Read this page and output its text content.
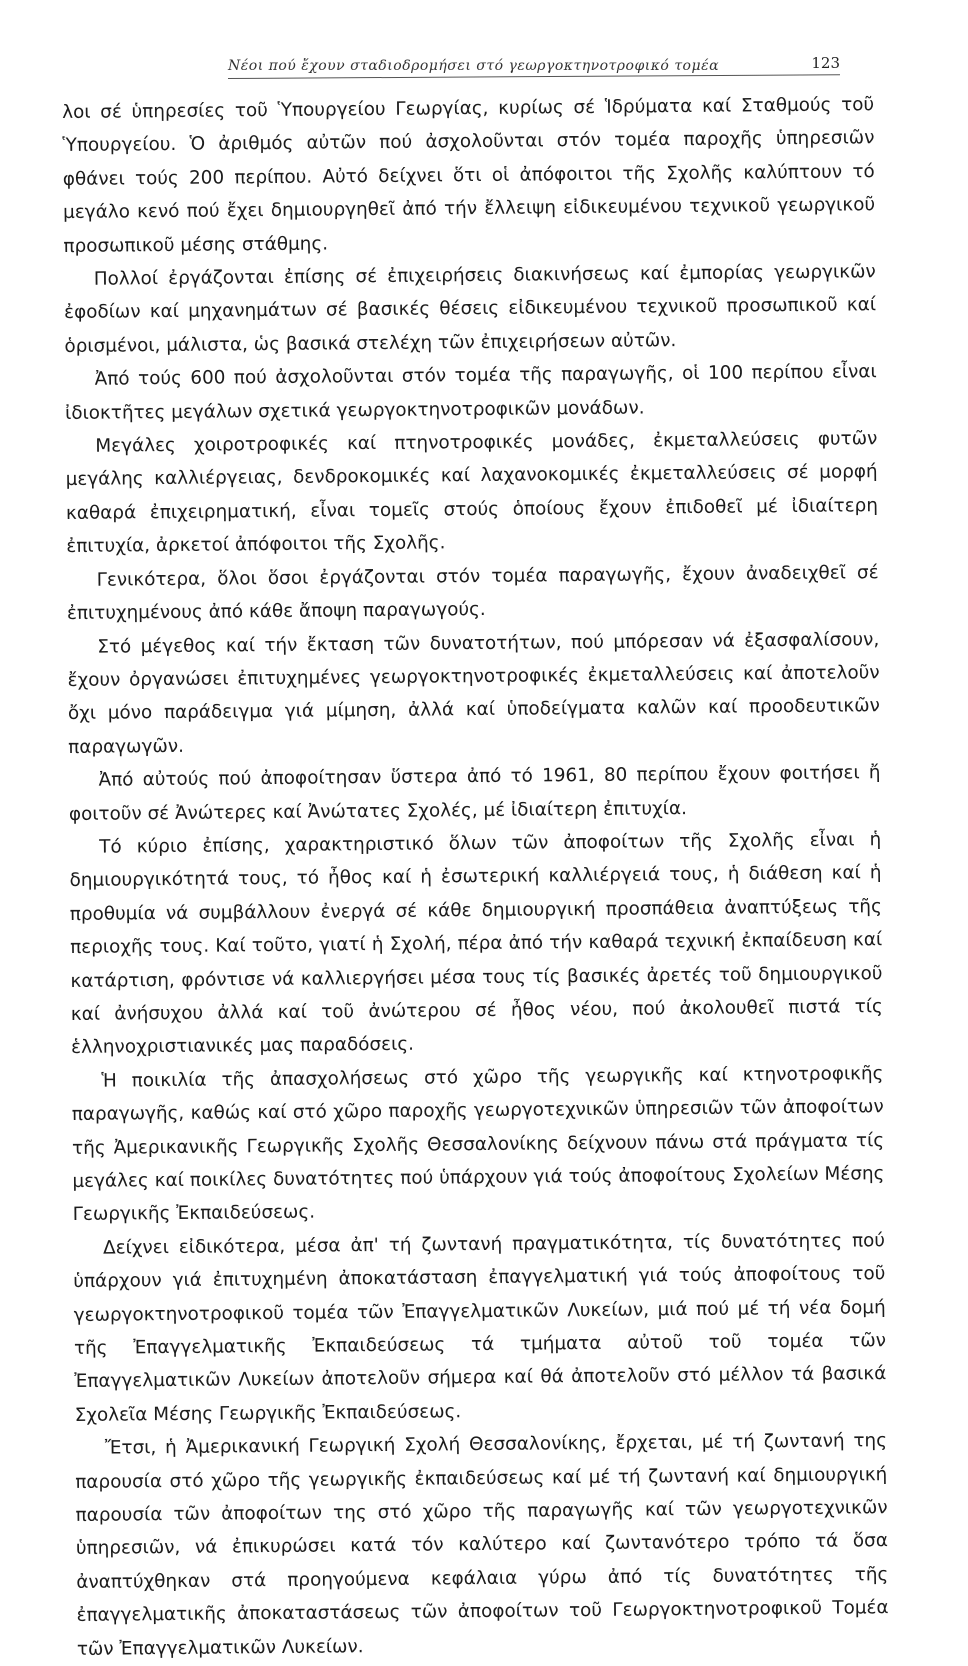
Νέοι πού ἔχουν σταδιοδρομήσει στό γεωργοκτηνοτροφικό τομέα	123

λοι σέ ὑπηρεσίες τοῦ Ὑπουργείου Γεωργίας, κυρίως σέ Ἱδρύματα καί Σταθμούς τοῦ Ὑπουργείου. Ὁ ἀριθμός αὐτῶν πού ἀσχολοῦνται στόν τομέα παροχῆς ὑπηρεσιῶν φθάνει τούς 200 περίπου. Αὐτό δείχνει ὅτι οἱ ἀπόφοιτοι τῆς Σχολῆς καλύπτουν τό μεγάλο κενό πού ἔχει δημιουργηθεῖ ἀπό τήν ἔλλειψη εἰδικευμένου τεχνικοῦ γεωργικοῦ προσωπικοῦ μέσης στάθμης.

Πολλοί ἐργάζονται ἐπίσης σέ ἐπιχειρήσεις διακινήσεως καί ἐμπορίας γεωργικῶν ἐφοδίων καί μηχανημάτων σέ βασικές θέσεις εἰδικευμένου τεχνικοῦ προσωπικοῦ καί ὁρισμένοι, μάλιστα, ὡς βασικά στελέχη τῶν ἐπιχειρήσεων αὐτῶν.

Ἀπό τούς 600 πού ἀσχολοῦνται στόν τομέα τῆς παραγωγῆς, οἱ 100 περίπου εἶναι ἰδιοκτῆτες μεγάλων σχετικά γεωργοκτηνοτροφικῶν μονάδων.

Μεγάλες χοιροτροφικές καί πτηνοτροφικές μονάδες, ἐκμεταλλεύσεις φυτῶν μεγάλης καλλιέργειας, δενδροκομικές καί λαχανοκομικές ἐκμεταλλεύσεις σέ μορφή καθαρά ἐπιχειρηματική, εἶναι τομεῖς στούς ὁποίους ἔχουν ἐπιδοθεῖ μέ ἰδιαίτερη ἐπιτυχία, ἀρκετοί ἀπόφοιτοι τῆς Σχολῆς.

Γενικότερα, ὅλοι ὅσοι ἐργάζονται στόν τομέα παραγωγῆς, ἔχουν ἀναδειχθεῖ σέ ἐπιτυχημένους ἀπό κάθε ἄποψη παραγωγούς.

Στό μέγεθος καί τήν ἔκταση τῶν δυνατοτήτων, πού μπόρεσαν νά ἐξασφαλίσουν, ἔχουν ὀργανώσει ἐπιτυχημένες γεωργοκτηνοτροφικές ἐκμεταλλεύσεις καί ἀποτελοῦν ὄχι μόνο παράδειγμα γιά μίμηση, ἀλλά καί ὑποδείγματα καλῶν καί προοδευτικῶν παραγωγῶν.

Ἀπό αὐτούς πού ἀποφοίτησαν ὕστερα ἀπό τό 1961, 80 περίπου ἔχουν φοιτήσει ἤ φοιτοῦν σέ Ἀνώτερες καί Ἀνώτατες Σχολές, μέ ἰδιαίτερη ἐπιτυχία.

Τό κύριο ἐπίσης, χαρακτηριστικό ὅλων τῶν ἀποφοίτων τῆς Σχολῆς εἶναι ἡ δημιουργικότητά τους, τό ἦθος καί ἡ ἐσωτερική καλλιέργειά τους, ἡ διάθεση καί ἡ προθυμία νά συμβάλλουν ἐνεργά σέ κάθε δημιουργική προσπάθεια ἀναπτύξεως τῆς περιοχῆς τους. Καί τοῦτο, γιατί ἡ Σχολή, πέρα ἀπό τήν καθαρά τεχνική ἐκπαίδευση καί κατάρτιση, φρόντισε νά καλλιεργήσει μέσα τους τίς βασικές ἀρετές τοῦ δημιουργικοῦ καί ἀνήσυχου ἀλλά καί τοῦ ἀνώτερου σέ ἦθος νέου, πού ἀκολουθεῖ πιστά τίς ἑλληνοχριστιανικές μας παραδόσεις.

Ἡ ποικιλία τῆς ἀπασχολήσεως στό χῶρο τῆς γεωργικῆς καί κτηνοτροφικῆς παραγωγῆς, καθώς καί στό χῶρο παροχῆς γεωργοτεχνικῶν ὑπηρεσιῶν τῶν ἀποφοίτων τῆς Ἀμερικανικῆς Γεωργικῆς Σχολῆς Θεσσαλονίκης δείχνουν πάνω στά πράγματα τίς μεγάλες καί ποικίλες δυνατότητες πού ὑπάρχουν γιά τούς ἀποφοίτους Σχολείων Μέσης Γεωργικῆς Ἐκπαιδεύσεως.

Δείχνει εἰδικότερα, μέσα ἀπ' τή ζωντανή πραγματικότητα, τίς δυνατότητες πού ὑπάρχουν γιά ἐπιτυχημένη ἀποκατάσταση ἐπαγγελματική γιά τούς ἀποφοίτους τοῦ γεωργοκτηνοτροφικοῦ τομέα τῶν Ἐπαγγελματικῶν Λυκείων, μιά πού μέ τή νέα δομή τῆς Ἐπαγγελματικῆς Ἐκπαιδεύσεως τά τμήματα αὐτοῦ τοῦ τομέα τῶν Ἐπαγγελματικῶν Λυκείων ἀποτελοῦν σήμερα καί θά ἀποτελοῦν στό μέλλον τά βασικά Σχολεῖα Μέσης Γεωργικῆς Ἐκπαιδεύσεως.

Ἔτσι, ἡ Ἀμερικανική Γεωργική Σχολή Θεσσαλονίκης, ἔρχεται, μέ τή ζωντανή της παρουσία στό χῶρο τῆς γεωργικῆς ἐκπαιδεύσεως καί μέ τή ζωντανή καί δημιουργική παρουσία τῶν ἀποφοίτων της στό χῶρο τῆς παραγωγῆς καί τῶν γεωργοτεχνικῶν ὑπηρεσιῶν, νά ἐπικυρώσει κατά τόν καλύτερο καί ζωντανότερο τρόπο τά ὅσα ἀναπτύχθηκαν στά προηγούμενα κεφάλαια γύρω ἀπό τίς δυνατότητες τῆς ἐπαγγελματικῆς ἀποκαταστάσεως τῶν ἀποφοίτων τοῦ Γεωργοκτηνοτροφικοῦ Τομέα τῶν Ἐπαγγελματικῶν Λυκείων.
